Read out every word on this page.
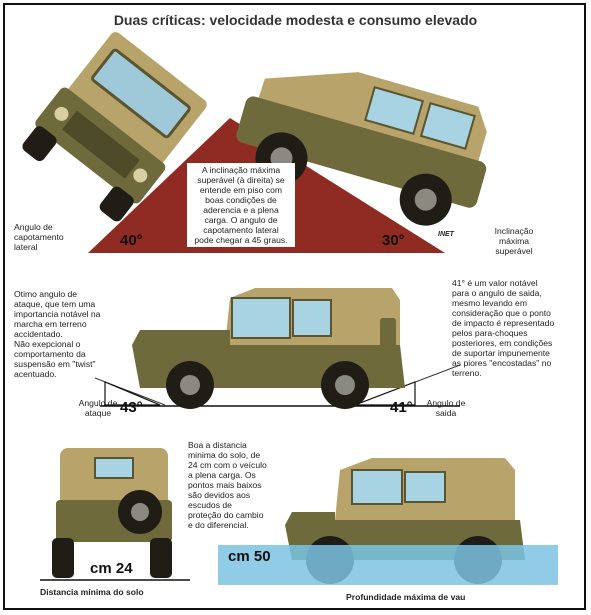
Duas críticas: velocidade modesta e consumo elevado
Angulo de
capotamento
lateral
Inclinação
máxima
superável
40°	30°
A inclinação máxima
superável (à direita) se
entende em piso com
boas condições de
aderencia e a plena
carga. O angulo de
capotamento lateral
pode chegar a 45 graus.
INET
Otimo angulo de
ataque, que tem uma
importancia notável na
marcha em terreno
accidentado.
Não exepcional o
comportamento da
suspensão em "twist"
acentuado.
41° é um valor notável
para o angulo de saida,
mesmo levando em
consideração que o ponto
de impacto é representado
pelos para-choques
posteriores, em condições
de suportar impunemente
as piores "encostadas" no
terreno.
Angulo de
ataque 43°	41°	Angulo de
saida
Boa a distancia
minima do solo, de
24 cm com o veículo
a plena carga. Os
pontos mais baixos
são devidos aos
escudos de
proteção do cambio
e do diferencial.
cm 24
Distancia mínima do solo
cm 50
Profundidade máxima de vau
